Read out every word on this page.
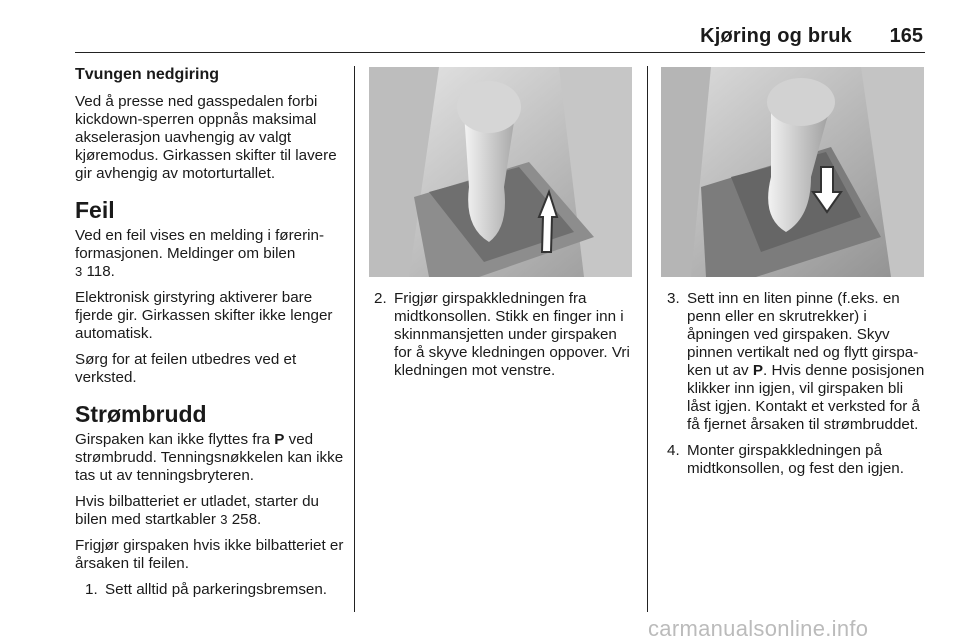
Kjøring og bruk 165
Tvungen nedgiring

Ved å presse ned gasspedalen forbi kickdown-sperren oppnås maksimal akselerasjon uavhengig av valgt kjøremodus. Girkassen skifter til lavere gir avhengig av motorturtallet.

Feil

Ved en feil vises en melding i førerinformasjonen. Meldinger om bilen
3 118.

Elektronisk girstyring aktiverer bare fjerde gir. Girkassen skifter ikke lenger automatisk.

Sørg for at feilen utbedres ved et verksted.

Strømbrudd

Girspaken kan ikke flyttes fra P ved strømbrudd. Tenningsnøkkelen kan ikke tas ut av tenningsbryteren.

Hvis bilbatteriet er utladet, starter du bilen med startkabler 3 258.

Frigjør girspaken hvis ikke bilbatteriet er årsaken til feilen.

1. Sett alltid på parkeringsbremsen.
2. Frigjør girspakkledningen fra midtkonsollen. Stikk en finger inn i skinnmansjetten under girspaken for å skyve kledningen oppover. Vri kledningen mot venstre.
3. Sett inn en liten pinne (f.eks. en penn eller en skrutrekker) i åpningen ved girspaken. Skyv pinnen vertikalt ned og flytt girspaken ut av P. Hvis denne posisjonen klikker inn igjen, vil girspaken bli låst igjen. Kontakt et verksted for å få fjernet årsaken til strømbruddet.
4. Monter girspakkledningen på midtkonsollen, og fest den igjen.
carmanualsonline.info
